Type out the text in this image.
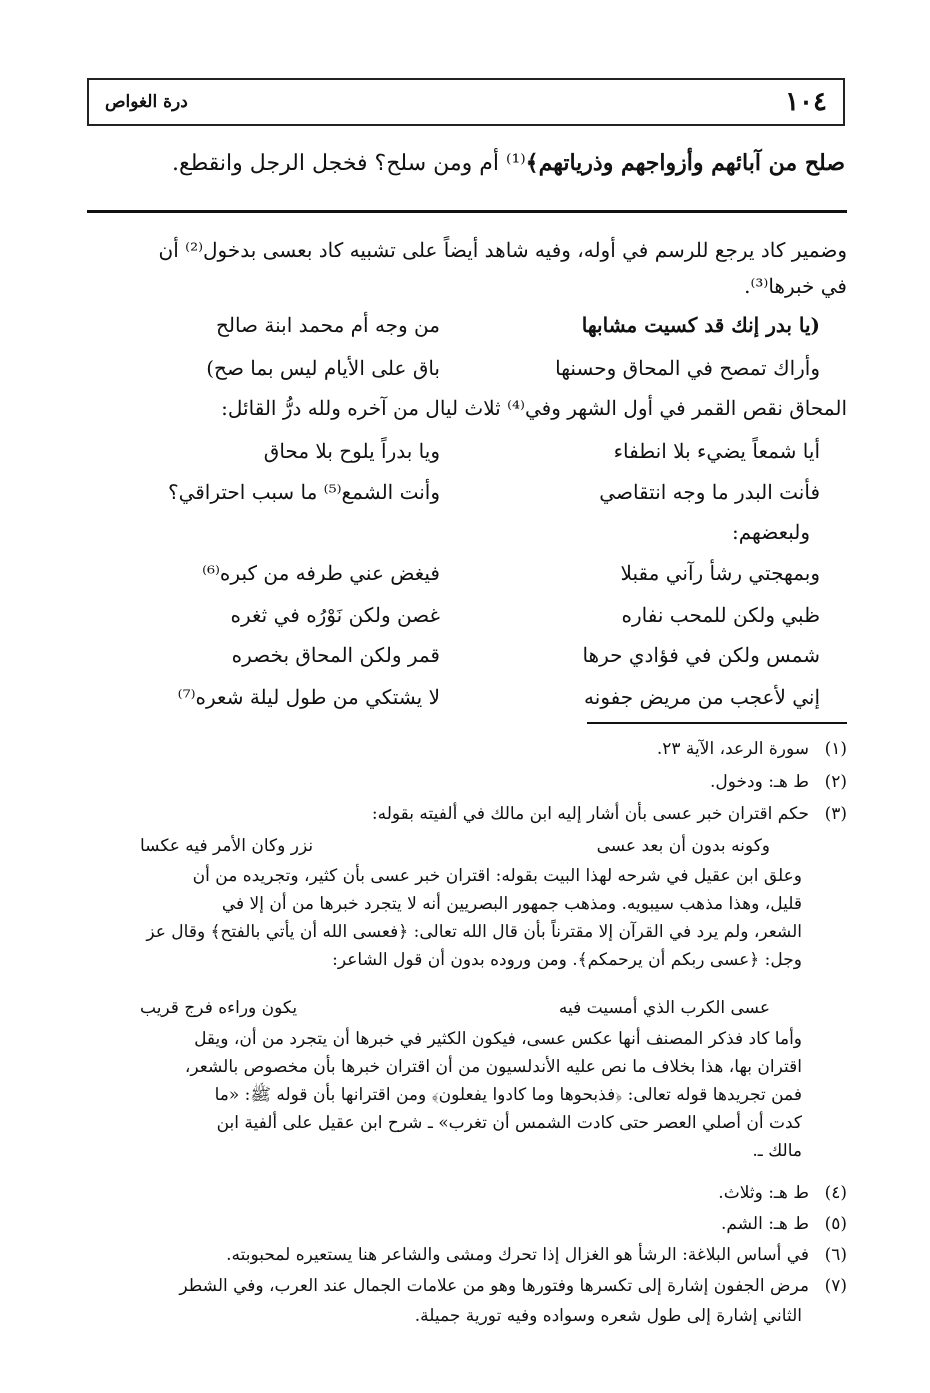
١٠٤
درة الغواص
صلح من آبائهم وأزواجهم وذرياتهم﴾⁽¹⁾ أم ومن سلح؟ فخجل الرجل وانقطع.
وضمير كاد يرجع للرسم في أوله، وفيه شاهد أيضاً على تشبيه كاد بعسى بدخول⁽²⁾ أن
في خبرها⁽³⁾.
(يا بدر إنك قد كسيت مشابها
من وجه أم محمد ابنة صالح
وأراك تمصح في المحاق وحسنها
باق على الأيام ليس بما صح)
المحاق نقص القمر في أول الشهر وفي⁽⁴⁾ ثلاث ليال من آخره ولله درُّ القائل:
أيا شمعاً يضيء بلا انطفاء
ويا بدراً يلوح بلا محاق
فأنت البدر ما وجه انتقاصي
وأنت الشمع⁽⁵⁾ ما سبب احتراقي؟
ولبعضهم:
وبمهجتي رشأ رآني مقبلا
فيغض عني طرفه من كبره⁽⁶⁾
ظبي ولكن للمحب نفاره
غصن ولكن نَوْرُه في ثغره
شمس ولكن في فؤادي حرها
قمر ولكن المحاق بخصره
إني لأعجب من مريض جفونه
لا يشتكي من طول ليلة شعره⁽⁷⁾
(١)سورة الرعد، الآية ٢٣.
(٢)ط هـ: ودخول.
(٣)حكم اقتران خبر عسى بأن أشار إليه ابن مالك في ألفيته بقوله:
وكونه بدون أن بعد عسى
نزر وكان الأمر فيه عكسا
وعلق ابن عقيل في شرحه لهذا البيت بقوله: اقتران خبر عسى بأن كثير، وتجريده من أن
قليل، وهذا مذهب سيبويه. ومذهب جمهور البصريين أنه لا يتجرد خبرها من أن إلا في
الشعر، ولم يرد في القرآن إلا مقترناً بأن قال الله تعالى: ﴿فعسى الله أن يأتي بالفتح﴾ وقال عز
وجل: ﴿عسى ربكم أن يرحمكم﴾. ومن وروده بدون أن قول الشاعر:
عسى الكرب الذي أمسيت فيه
يكون وراءه فرج قريب
وأما كاد فذكر المصنف أنها عكس عسى، فيكون الكثير في خبرها أن يتجرد من أن، ويقل
اقتران بها، هذا بخلاف ما نص عليه الأندلسيون من أن اقتران خبرها بأن مخصوص بالشعر،
فمن تجريدها قوله تعالى: ﴿فذبحوها وما كادوا يفعلون﴾ ومن اقترانها بأن قوله ﷺ: «ما
كدت أن أصلي العصر حتى كادت الشمس أن تغرب» ـ شرح ابن عقيل على ألفية ابن
مالك ـ.
(٤)ط هـ: وثلاث.
(٥)ط هـ: الشم.
(٦)في أساس البلاغة: الرشأ هو الغزال إذا تحرك ومشى والشاعر هنا يستعيره لمحبوبته.
(٧)مرض الجفون إشارة إلى تكسرها وفتورها وهو من علامات الجمال عند العرب، وفي الشطر
الثاني إشارة إلى طول شعره وسواده وفيه تورية جميلة.
